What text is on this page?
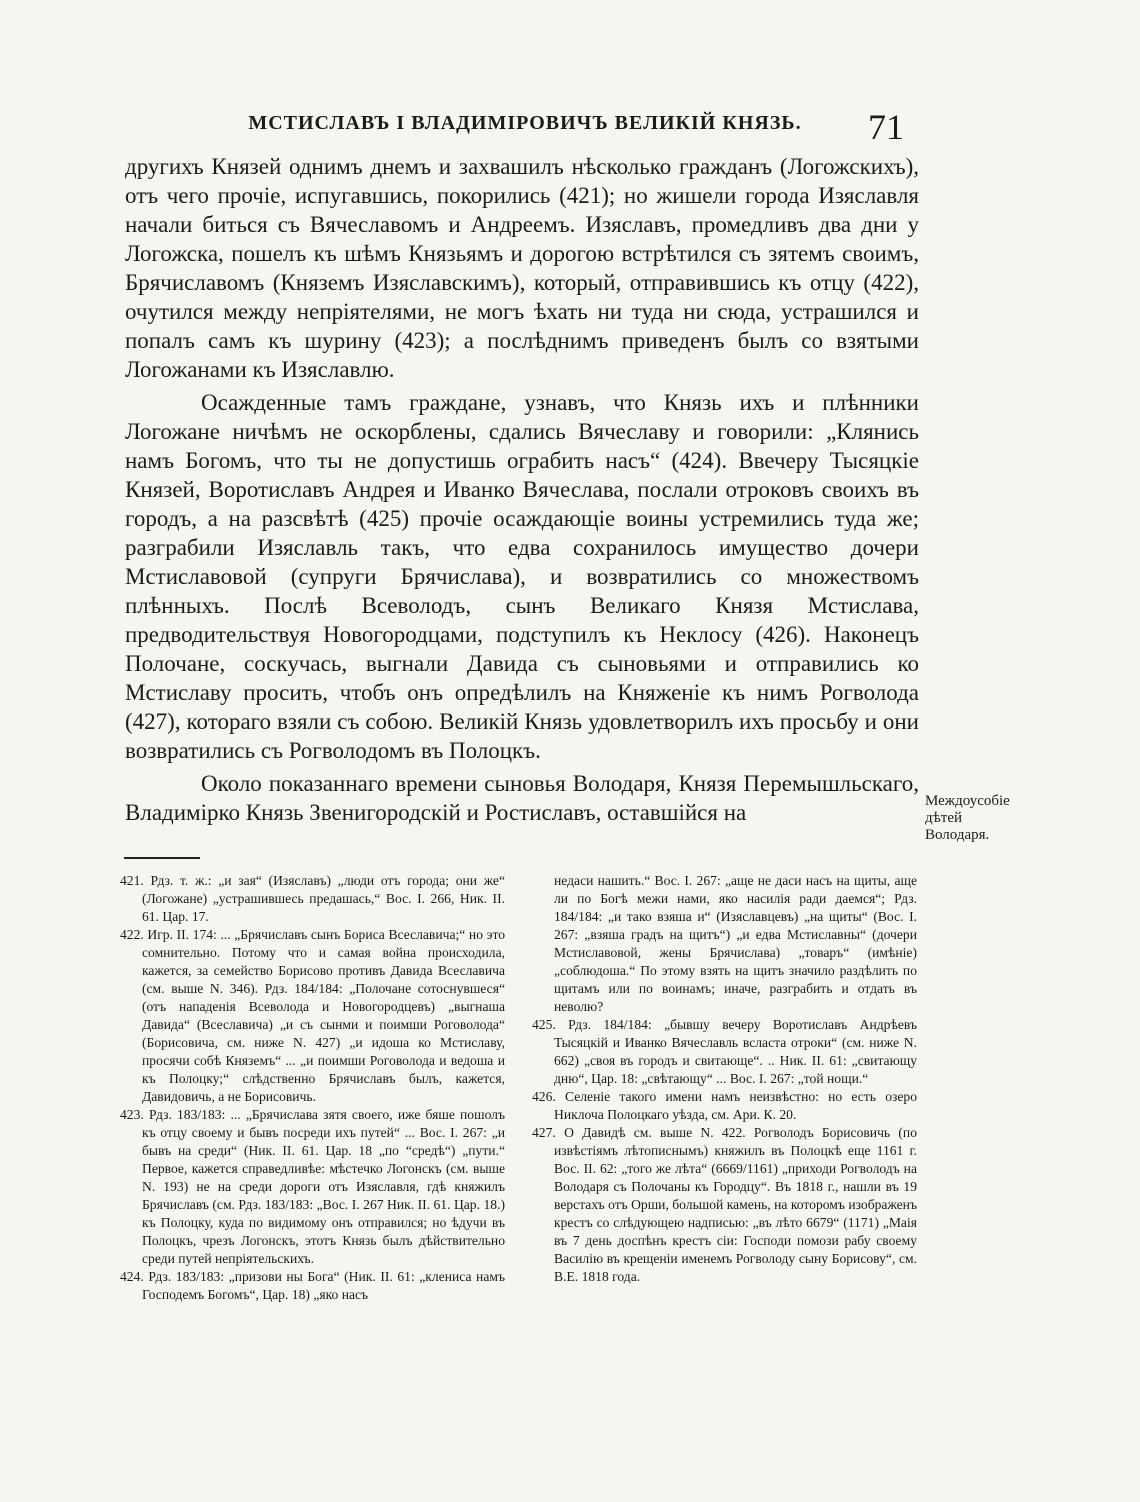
МСТИСЛАВЪ I ВЛАДИМIРОВИЧЪ ВЕЛИКIЙ КНЯЗЬ.	71

другихъ Князей однимъ днемъ и захвашилъ нѣсколько гражданъ (Логожскихъ), отъ чего прочiе, испугавшись, покорились (421); но жишели города Изяславля начали биться съ Вячеславомъ и Андреемъ. Изяславъ, промедливъ два дни у Логожска, пошелъ къ шѣмъ Князьямъ и дорогою встрѣтился съ зятемъ своимъ, Брячиславомъ (Княземъ Изяславскимъ), который, отправившись къ отцу (422), очутился между непрiятелями, не могъ ѣхать ни туда ни сюда, устрашился и попалъ самъ къ шурину (423); а послѣднимъ приведенъ былъ со взятыми Логожанами къ Изяславлю.

Осажденные тамъ граждане, узнавъ, что Князь ихъ и плѣнники Логожане ничѣмъ не оскорблены, сдались Вячеславу и говорили: „Клянись намъ Богомъ, что ты не допустишь ограбить насъ“ (424). Ввечеру Тысяцкiе Князей, Воротиславъ Андрея и Иванко Вячеслава, послали отроковъ своихъ въ городъ, а на разсвѣтѣ (425) прочiе осаждающiе воины устремились туда же; разграбили Изяславль такъ, что едва сохранилось имущество дочери Мстиславовой (супруги Брячислава), и возвратились со множествомъ плѣнныхъ. Послѣ Всеволодъ, сынъ Великаго Князя Мстислава, предводительствуя Новогородцами, подступилъ къ Неклосу (426). Наконецъ Полочане, соскучась, выгнали Давида съ сыновьями и отправились ко Мстиславу просить, чтобъ онъ опредѣлилъ на Княженiе къ нимъ Рогволода (427), котораго взяли съ собою. Великiй Князь удовлетворилъ ихъ просьбу и они возвратились съ Рогволодомъ въ Полоцкъ.

Около показаннаго времени сыновья Володаря, Князя Перемышльскаго, Владимiрко Князь Звенигородскiй и Ростиславъ, оставшiйся на	Междоусобiе дѣтей Володаря.

421. Рдз. т. ж.: „и зая“ (Изяславъ) „люди отъ города; они же“ (Логожане) „устрашившесь предашась,“ Вос. I. 266, Ник. II. 61. Цар. 17.

422. Игр. II. 174: ... „Брячиславъ сынъ Бориса Всеславича;“ но это сомнительно. Потому что и самая война происходила, кажется, за семейство Борисово противъ Давида Всеславича (см. выше N. 346). Рдз. 184/184: „Полочане сотоснувшеся“ (отъ нападенiя Всеволода и Новогородцевъ) „выгнаша Давида“ (Всеславича) „и съ сынми и поимши Роговолода“ (Борисовича, см. ниже N. 427) „и идоша ко Мстиславу, просячи собѣ Княземъ“ ... „и поимши Роговолода и ведоша и къ Полоцку;“ слѣдственно Брячиславъ былъ, кажется, Давидовичь, а не Борисовичь.

423. Рдз. 183/183: ... „Брячислава зятя своего, иже бяше пошолъ къ отцу своему и бывъ посреди ихъ путей“ ... Вос. I. 267: „и бывъ на среди“ (Ник. II. 61. Цар. 18 „по “средѣ“) „пути.“ Первое, кажется справедливѣе: мѣстечко Логонскъ (см. выше N. 193) не на среди дороги отъ Изяславля, гдѣ княжилъ Брячиславъ (см. Рдз. 183/183: „Вос. I. 267 Ник. II. 61. Цар. 18.) къ Полоцку, куда по видимому онъ отправился; но ѣдучи въ Полоцкъ, чрезъ Логонскъ, этотъ Князь былъ дѣйствительно среди путей непрiятельскихъ.

424. Рдз. 183/183: „призови ны Бога“ (Ник. II. 61: „клениса намъ Господемъ Богомъ“, Цар. 18) „яко насъ

недаси нашить.“ Вос. I. 267: „аще не даси насъ на щиты, аще ли по Богѣ межи нами, яко насилiя ради даемся“; Рдз. 184/184: „и тако взяша и“ (Изяславцевъ) „на щиты“ (Вос. I. 267: „взяша градъ на щитъ“) „и едва Мстиславны“ (дочери Мстиславовой, жены Брячислава) „товаръ“ (имѣнiе) „соблюдоша.“ По этому взять на щитъ значило раздѣлить по щитамъ или по воинамъ; иначе, разграбить и отдать въ неволю?

425. Рдз. 184/184: „бывшу вечеру Воротиславъ Андрѣевъ Тысяцкiй и Иванко Вячеславль всласта отроки“ (см. ниже N. 662) „своя въ городъ и свитающе“. .. Ник. II. 61: „свитающу дню“, Цар. 18: „свѣтающу“ ... Вос. I. 267: „той нощи.“

426. Селенiе такого имени намъ неизвѣстно: но есть озеро Никлоча Полоцкаго уѣзда, см. Ари. К. 20.

427. О Давидѣ см. выше N. 422. Рогволодъ Борисовичь (по извѣстiямъ лѣтописнымъ) княжилъ въ Полоцкѣ еще 1161 г. Вос. II. 62: „того же лѣта“ (6669/1161) „приходи Рогволодъ на Володаря съ Полочаны къ Городцу“. Въ 1818 г., нашли въ 19 верстахъ отъ Орши, большой камень, на которомъ изображенъ крестъ со слѣдующею надписью: „въ лѣто 6679“ (1171) „Маiя въ 7 день доспѣнъ крестъ сiи: Господи помози рабу своему Василiю въ крещенiи именемъ Рогволоду сыну Борисову“, см. В.Е. 1818 года.
